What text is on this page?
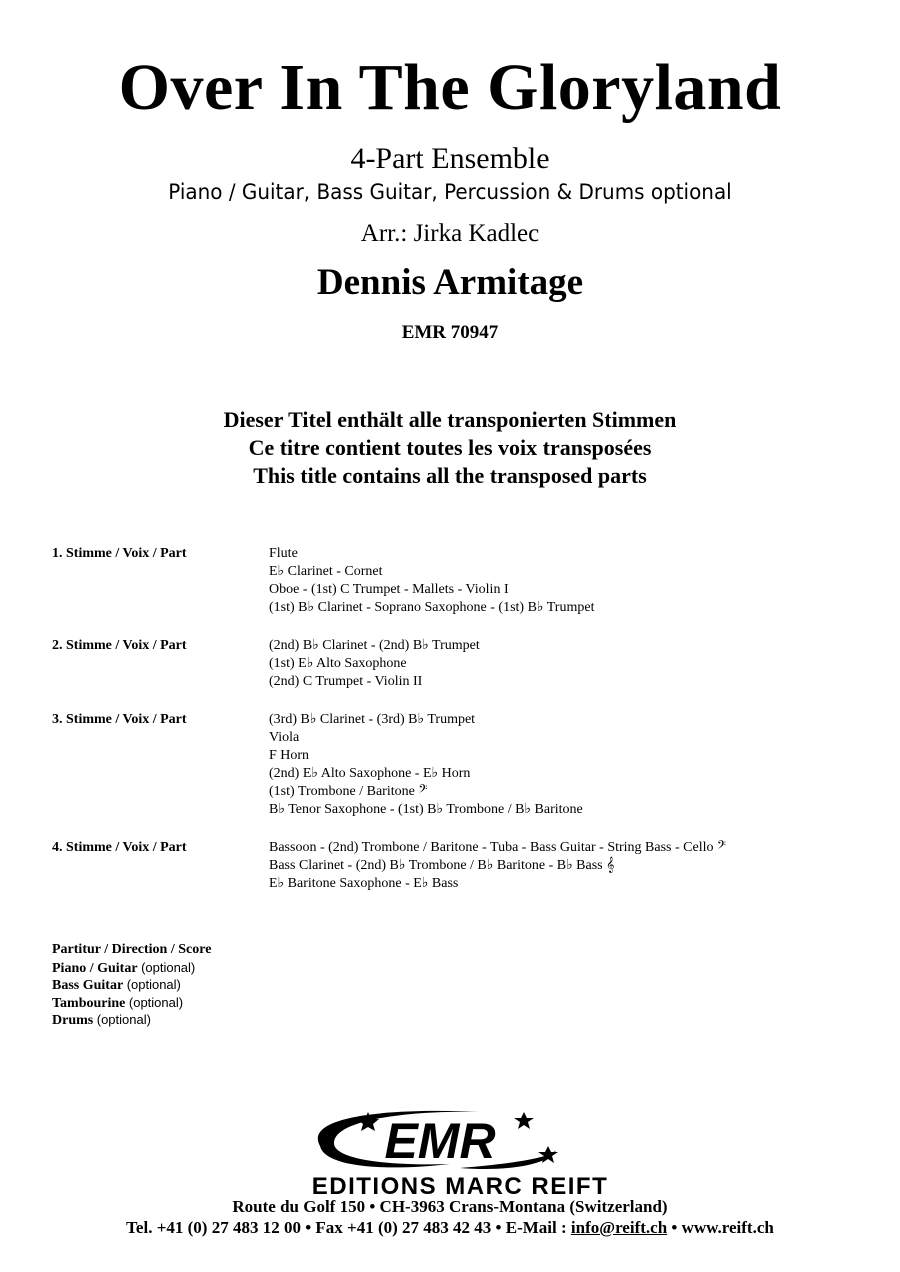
Over In The Gloryland
4-Part Ensemble
Piano / Guitar, Bass Guitar, Percussion & Drums optional
Arr.: Jirka Kadlec
Dennis Armitage
EMR 70947
Dieser Titel enthält alle transponierten Stimmen
Ce titre contient toutes les voix transposées
This title contains all the transposed parts
1. Stimme / Voix / Part	Flute
E♭ Clarinet - Cornet
Oboe - (1st) C Trumpet - Mallets - Violin I
(1st) B♭ Clarinet - Soprano Saxophone - (1st) B♭ Trumpet
2. Stimme / Voix / Part	(2nd) B♭ Clarinet - (2nd) B♭ Trumpet
(1st) E♭ Alto Saxophone
(2nd) C Trumpet - Violin II
3. Stimme / Voix / Part	(3rd) B♭ Clarinet - (3rd) B♭ Trumpet
Viola
F Horn
(2nd) E♭ Alto Saxophone - E♭ Horn
(1st) Trombone / Baritone 𝄢
B♭ Tenor Saxophone - (1st) B♭ Trombone / B♭ Baritone
4. Stimme / Voix / Part	Bassoon - (2nd) Trombone / Baritone - Tuba - Bass Guitar - String Bass - Cello 𝄢
Bass Clarinet - (2nd) B♭ Trombone / B♭ Baritone - B♭ Bass 𝄞
E♭ Baritone Saxophone - E♭ Bass
Partitur / Direction / Score
Piano / Guitar (optional)
Bass Guitar (optional)
Tambourine (optional)
Drums (optional)
EMR
EDITIONS MARC REIFT
Route du Golf 150 • CH-3963 Crans-Montana (Switzerland)
Tel. +41 (0) 27 483 12 00 • Fax +41 (0) 27 483 42 43 • E-Mail : info@reift.ch • www.reift.ch
